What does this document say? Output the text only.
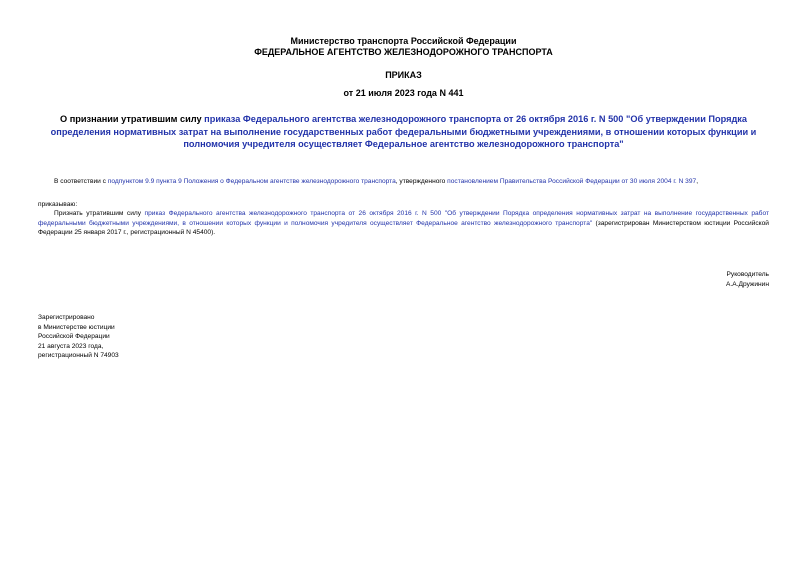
Министерство транспорта Российской Федерации
ФЕДЕРАЛЬНОЕ АГЕНТСТВО ЖЕЛЕЗНОДОРОЖНОГО ТРАНСПОРТА
ПРИКАЗ
от 21 июля 2023 года N 441
О признании утратившим силу приказа Федерального агентства железнодорожного транспорта от 26 октября 2016 г. N 500 "Об утверждении Порядка определения нормативных затрат на выполнение государственных работ федеральными бюджетными учреждениями, в отношении которых функции и полномочия учредителя осуществляет Федеральное агентство железнодорожного транспорта"
В соответствии с подпунктом 9.9 пункта 9 Положения о Федеральном агентстве железнодорожного транспорта, утвержденного постановлением Правительства Российской Федерации от 30 июля 2004 г. N 397,
приказываю:
Признать утратившим силу приказ Федерального агентства железнодорожного транспорта от 26 октября 2016 г. N 500 "Об утверждении Порядка определения нормативных затрат на выполнение государственных работ федеральными бюджетными учреждениями, в отношении которых функции и полномочия учредителя осуществляет Федеральное агентство железнодорожного транспорта" (зарегистрирован Министерством юстиции Российской Федерации 25 января 2017 г., регистрационный N 45400).
Руководитель
А.А.Дружинин
Зарегистрировано
в Министерстве юстиции
Российской Федерации
21 августа 2023 года,
регистрационный N 74903
